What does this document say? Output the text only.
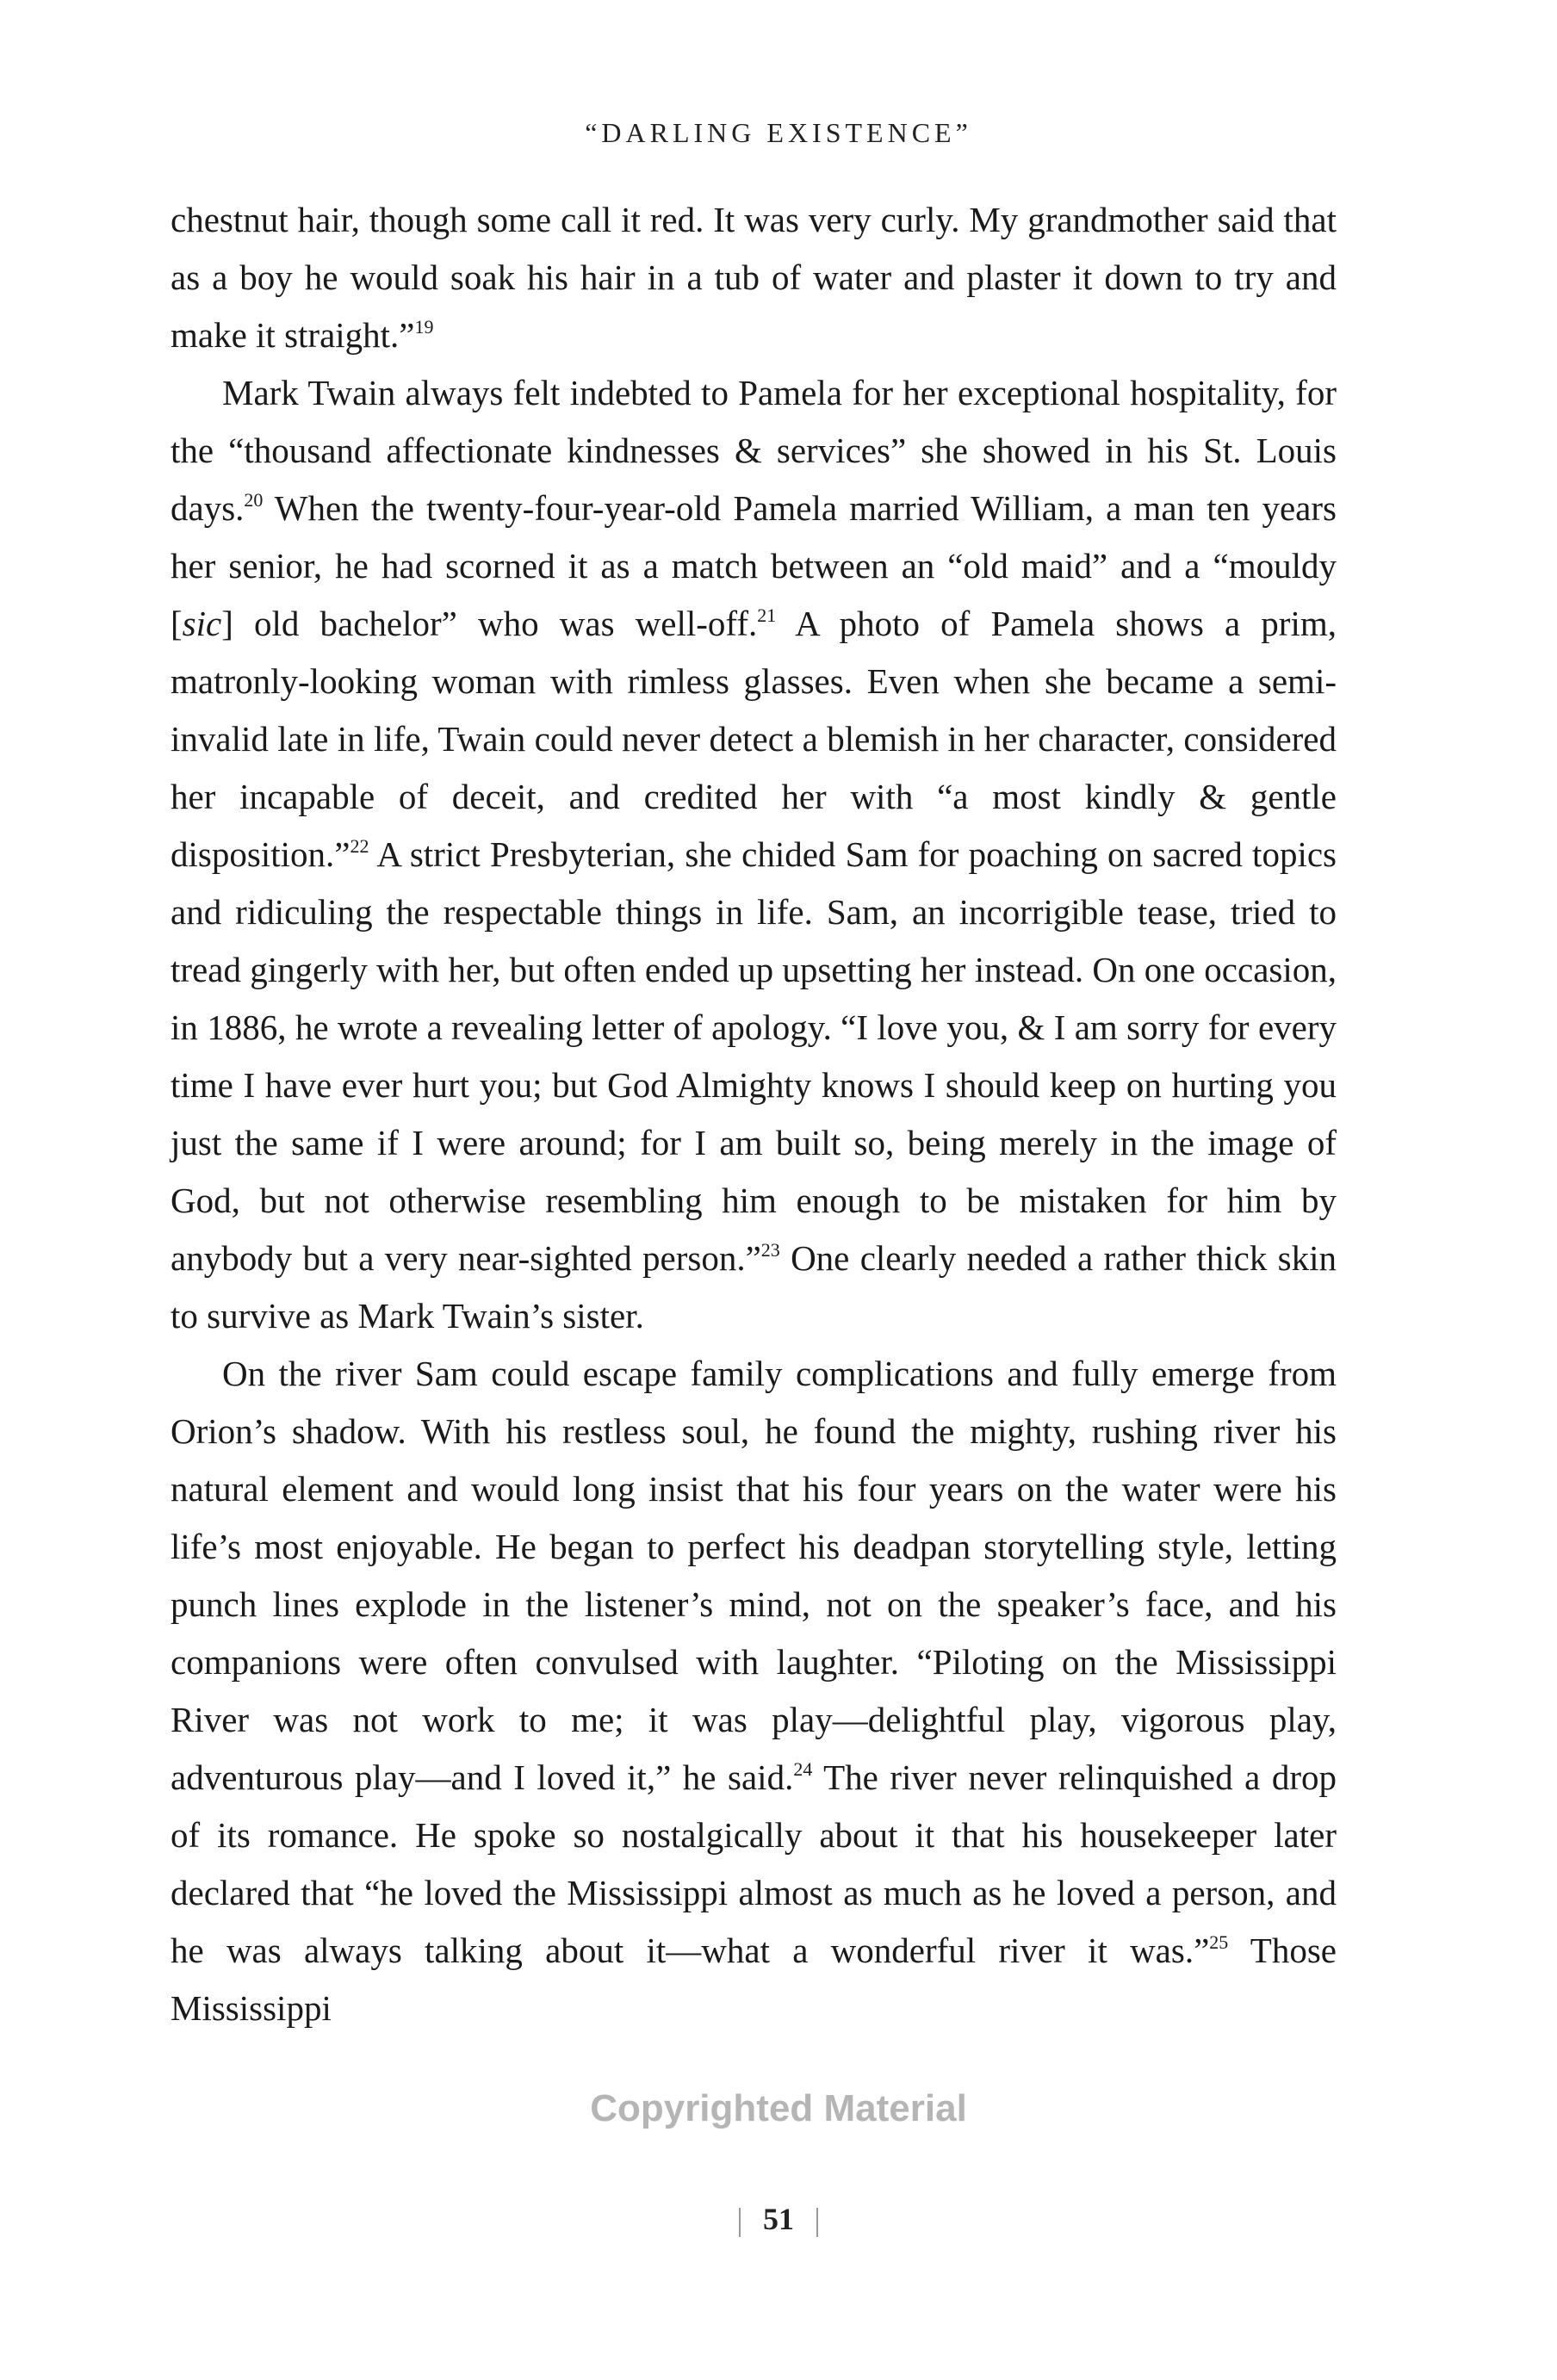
“DARLING EXISTENCE”

chestnut hair, though some call it red. It was very curly. My grandmother said that as a boy he would soak his hair in a tub of water and plaster it down to try and make it straight.”$^{19}$

Mark Twain always felt indebted to Pamela for her exceptional hospitality, for the “thousand affectionate kindnesses & services” she showed in his St. Louis days.$^{20}$ When the twenty-four-year-old Pamela married William, a man ten years her senior, he had scorned it as a match between an “old maid” and a “mouldy [sic] old bachelor” who was well-off.$^{21}$ A photo of Pamela shows a prim, matronly-looking woman with rimless glasses. Even when she became a semi-invalid late in life, Twain could never detect a blemish in her character, considered her incapable of deceit, and credited her with “a most kindly & gentle disposition.”$^{22}$ A strict Presbyterian, she chided Sam for poaching on sacred topics and ridiculing the respectable things in life. Sam, an incorrigible tease, tried to tread gingerly with her, but often ended up upsetting her instead. On one occasion, in 1886, he wrote a revealing letter of apology. “I love you, & I am sorry for every time I have ever hurt you; but God Almighty knows I should keep on hurting you just the same if I were around; for I am built so, being merely in the image of God, but not otherwise resembling him enough to be mistaken for him by anybody but a very near-sighted person.”$^{23}$ One clearly needed a rather thick skin to survive as Mark Twain’s sister.

On the river Sam could escape family complications and fully emerge from Orion’s shadow. With his restless soul, he found the mighty, rushing river his natural element and would long insist that his four years on the water were his life’s most enjoyable. He began to perfect his deadpan storytelling style, letting punch lines explode in the listener’s mind, not on the speaker’s face, and his companions were often convulsed with laughter. “Piloting on the Mississippi River was not work to me; it was play—delightful play, vigorous play, adventurous play—and I loved it,” he said.$^{24}$ The river never relinquished a drop of its romance. He spoke so nostalgically about it that his housekeeper later declared that “he loved the Mississippi almost as much as he loved a person, and he was always talking about it—what a wonderful river it was.”$^{25}$ Those Mississippi

Copyrighted Material
51
